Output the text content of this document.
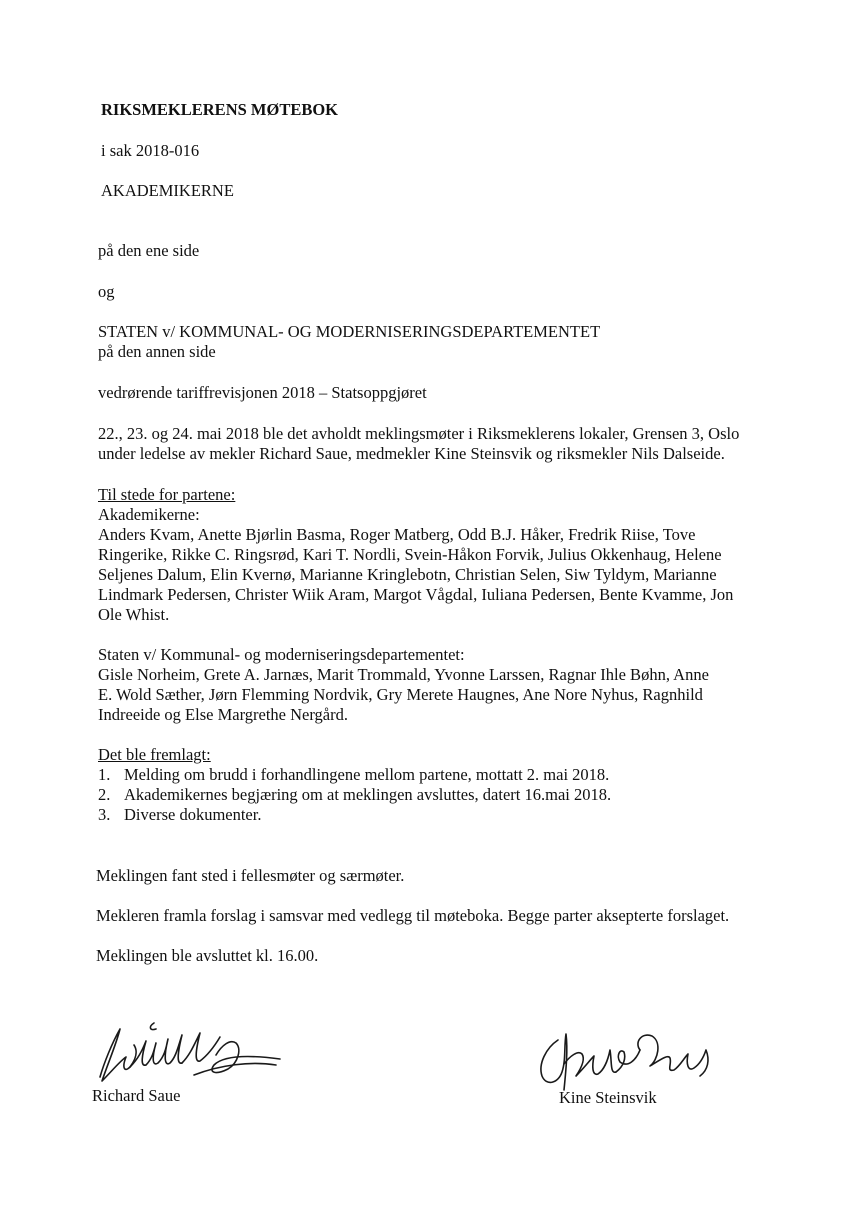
RIKSMEKLERENS MØTEBOK

i sak 2018-016

AKADEMIKERNE

på den ene side

og

STATEN v/ KOMMUNAL- OG MODERNISERINGSDEPARTEMENTET

på den annen side

vedrørende tariffrevisjonen 2018 – Statsoppgjøret

22., 23. og 24. mai 2018 ble det avholdt meklingsmøter i Riksmeklerens lokaler, Grensen 3, Oslo
under ledelse av mekler Richard Saue, medmekler Kine Steinsvik og riksmekler Nils Dalseide.
Til stede for partene:
Akademikerne:
Anders Kvam, Anette Bjørlin Basma, Roger Matberg, Odd B.J. Håker, Fredrik Riise, Tove
Ringerike, Rikke C. Ringsrød, Kari T. Nordli, Svein-Håkon Forvik, Julius Okkenhaug, Helene
Seljenes Dalum, Elin Kvernø, Marianne Kringlebotn, Christian Selen, Siw Tyldym, Marianne
Lindmark Pedersen, Christer Wiik Aram, Margot Vågdal, Iuliana Pedersen, Bente Kvamme, Jon
Ole Whist.
Staten v/ Kommunal- og moderniseringsdepartementet:
Gisle Norheim, Grete A. Jarnæs, Marit Trommald, Yvonne Larssen, Ragnar Ihle Bøhn, Anne
E. Wold Sæther, Jørn Flemming Nordvik, Gry Merete Haugnes, Ane Nore Nyhus, Ragnhild
Indreeide og Else Margrethe Nergård.
Det ble fremlagt:
1. Melding om brudd i forhandlingene mellom partene, mottatt 2. mai 2018.
2. Akademikernes begjæring om at meklingen avsluttes, datert 16.mai 2018.
3. Diverse dokumenter.

Meklingen fant sted i fellesmøter og særmøter.

Mekleren framla forslag i samsvar med vedlegg til møteboka. Begge parter aksepterte forslaget.

Meklingen ble avsluttet kl. 16.00.

Richard Saue	Kine Steinsvik
